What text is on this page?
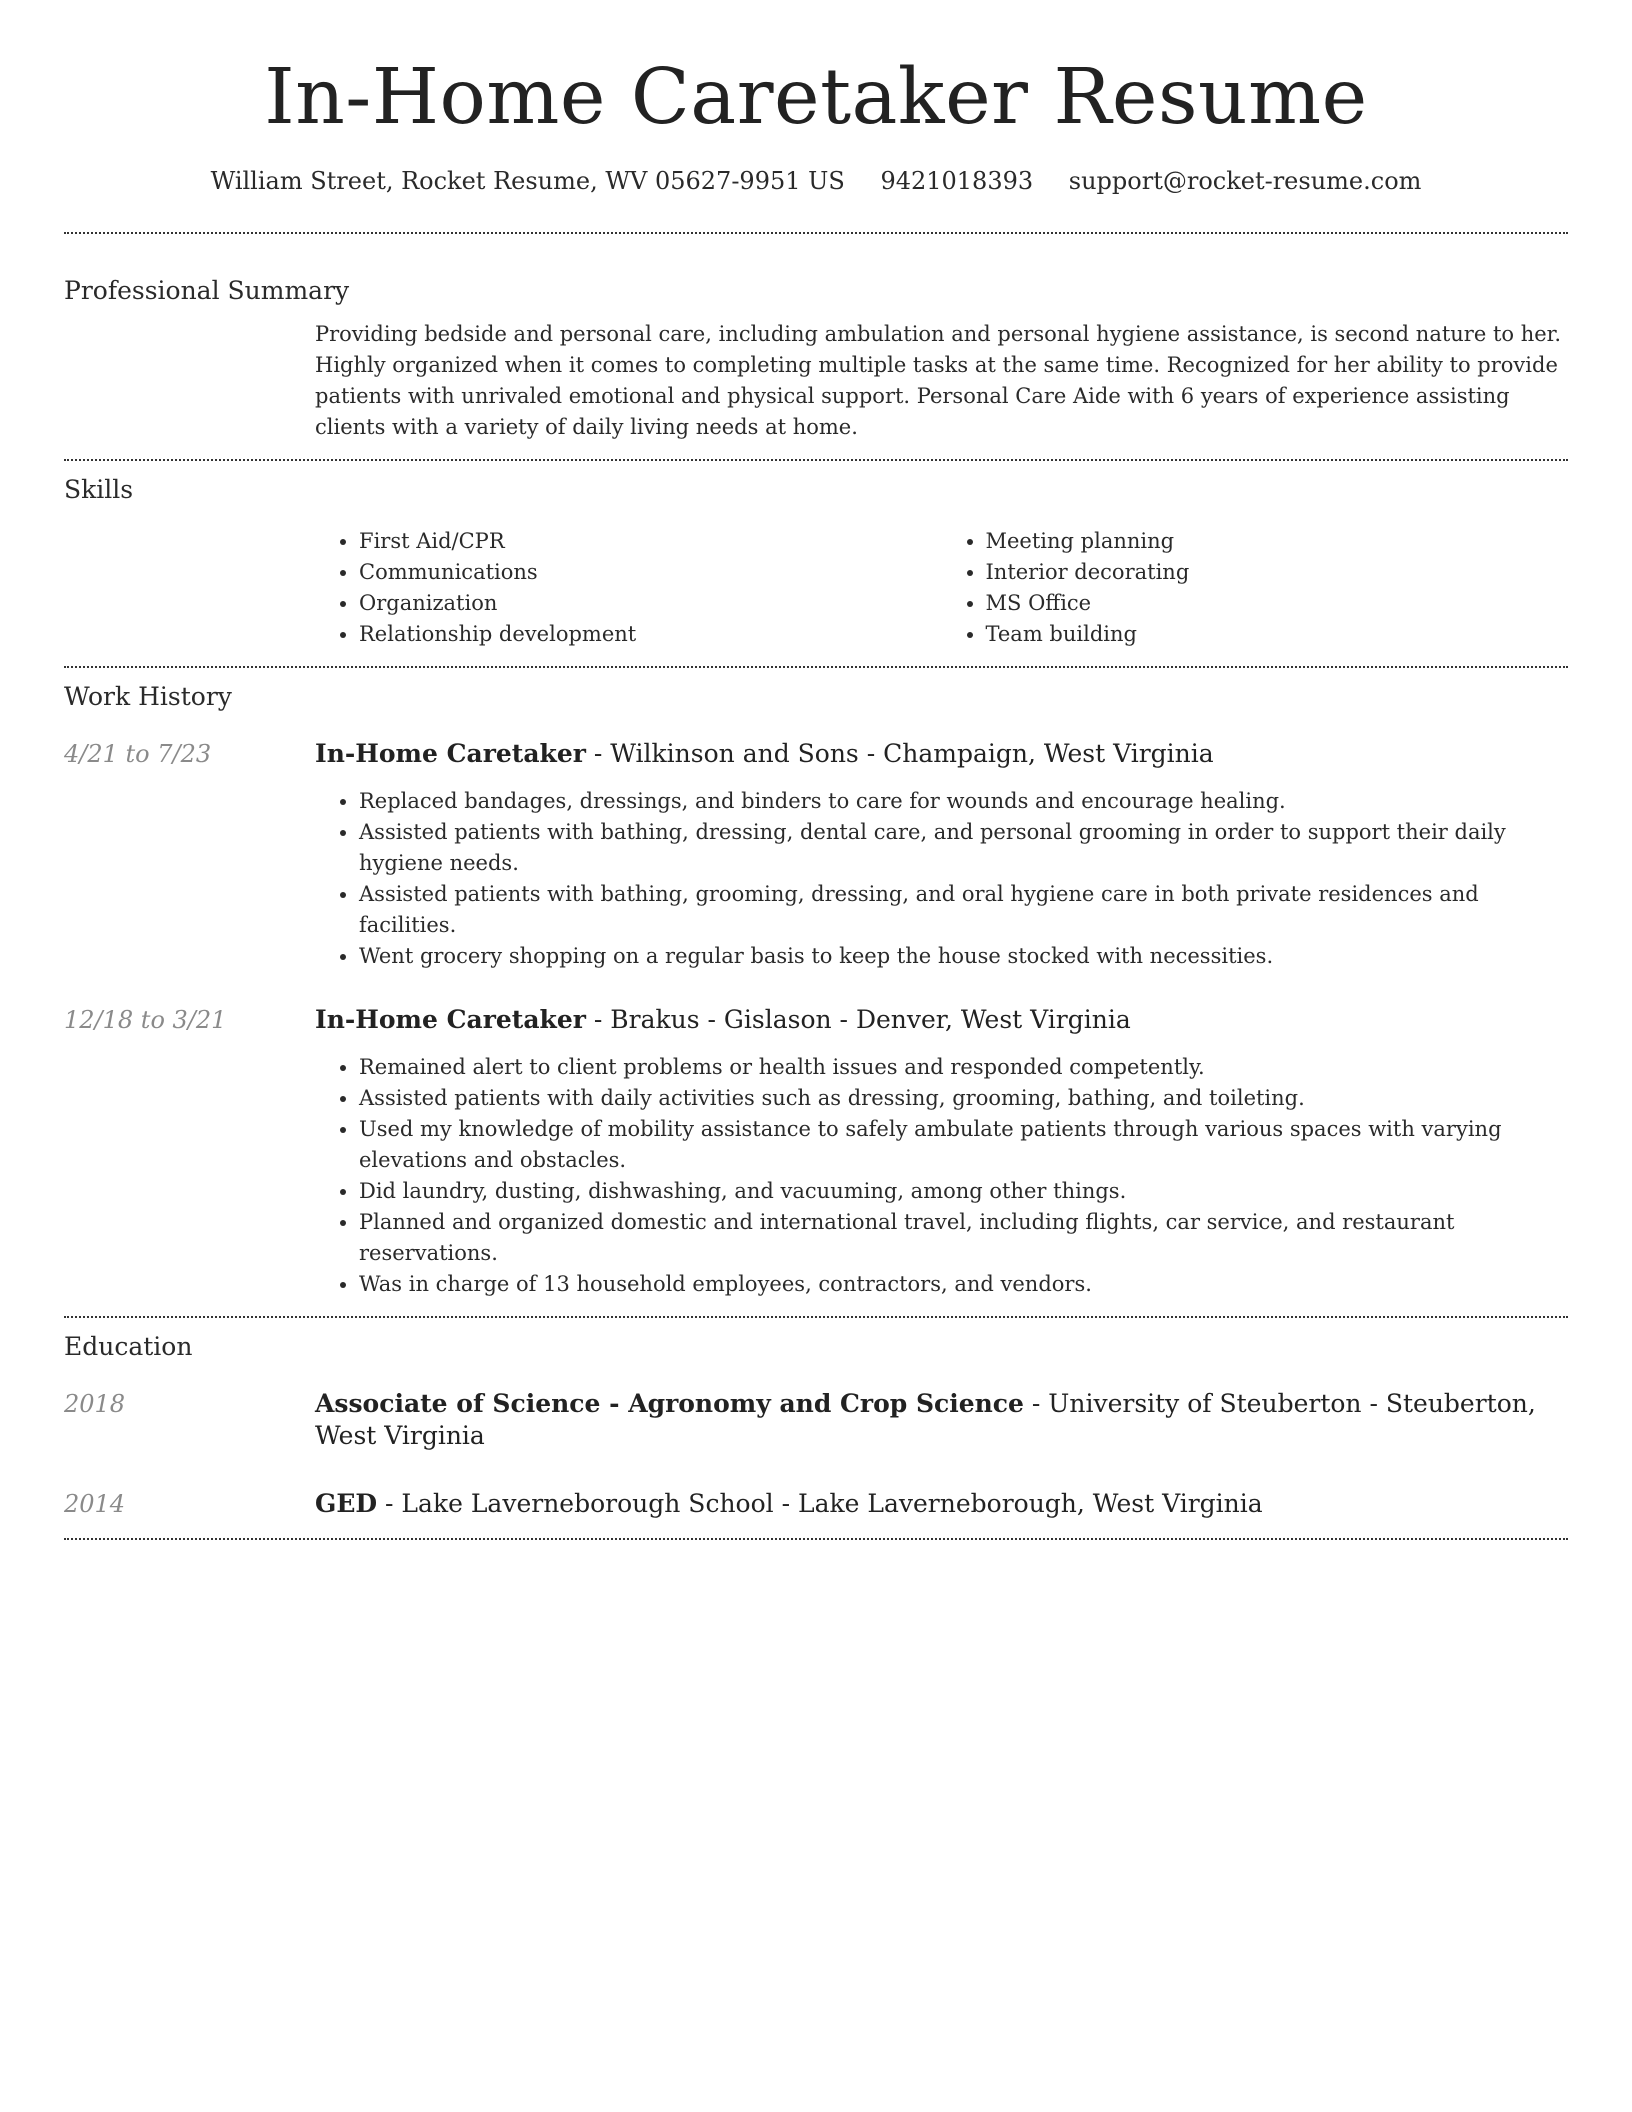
In-Home Caretaker Resume
William Street, Rocket Resume, WV 05627-9951 US 9421018393 support@rocket-resume.com
Professional Summary

Providing bedside and personal care, including ambulation and personal hygiene assistance, is second nature to her. Highly organized when it comes to completing multiple tasks at the same time. Recognized for her ability to provide patients with unrivaled emotional and physical support. Personal Care Aide with 6 years of experience assisting clients with a variety of daily living needs at home.

Skills
• First Aid/CPR
• Communications
• Organization
• Relationship development
• Meeting planning
• Interior decorating
• MS Office
• Team building
Work History
4/21 to 7/23	In-Home Caretaker - Wilkinson and Sons - Champaign, West Virginia
• Replaced bandages, dressings, and binders to care for wounds and encourage healing.
• Assisted patients with bathing, dressing, dental care, and personal grooming in order to support their daily hygiene needs.
• Assisted patients with bathing, grooming, dressing, and oral hygiene care in both private residences and facilities.
• Went grocery shopping on a regular basis to keep the house stocked with necessities.
12/18 to 3/21	In-Home Caretaker - Brakus - Gislason - Denver, West Virginia
• Remained alert to client problems or health issues and responded competently.
• Assisted patients with daily activities such as dressing, grooming, bathing, and toileting.
• Used my knowledge of mobility assistance to safely ambulate patients through various spaces with varying elevations and obstacles.
• Did laundry, dusting, dishwashing, and vacuuming, among other things.
• Planned and organized domestic and international travel, including flights, car service, and restaurant reservations.
• Was in charge of 13 household employees, contractors, and vendors.
Education
2018	Associate of Science - Agronomy and Crop Science - University of Steuberton - Steuberton, West Virginia
2014	GED - Lake Laverneborough School - Lake Laverneborough, West Virginia
